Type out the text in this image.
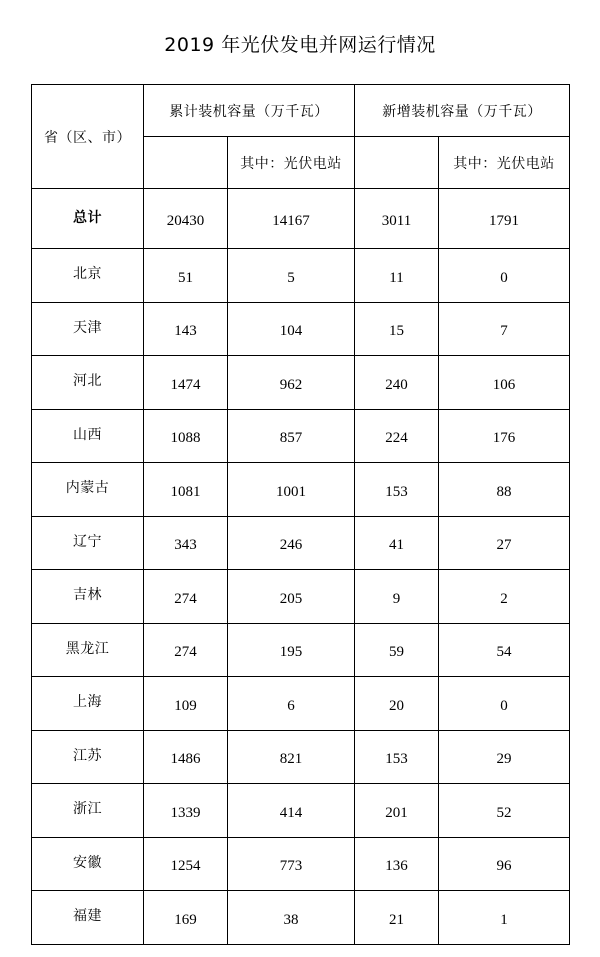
2019 年光伏发电并网运行情况
省（区、市）	累计装机容量（万千瓦）		新增装机容量（万千瓦）	
		其中：光伏电站		其中：光伏电站
总计	20430	14167	3011	1791
北京	51	5	11	0
天津	143	104	15	7
河北	1474	962	240	106
山西	1088	857	224	176
内蒙古	1081	1001	153	88
辽宁	343	246	41	27
吉林	274	205	9	2
黑龙江	274	195	59	54
上海	109	6	20	0
江苏	1486	821	153	29
浙江	1339	414	201	52
安徽	1254	773	136	96
福建	169	38	21	1
